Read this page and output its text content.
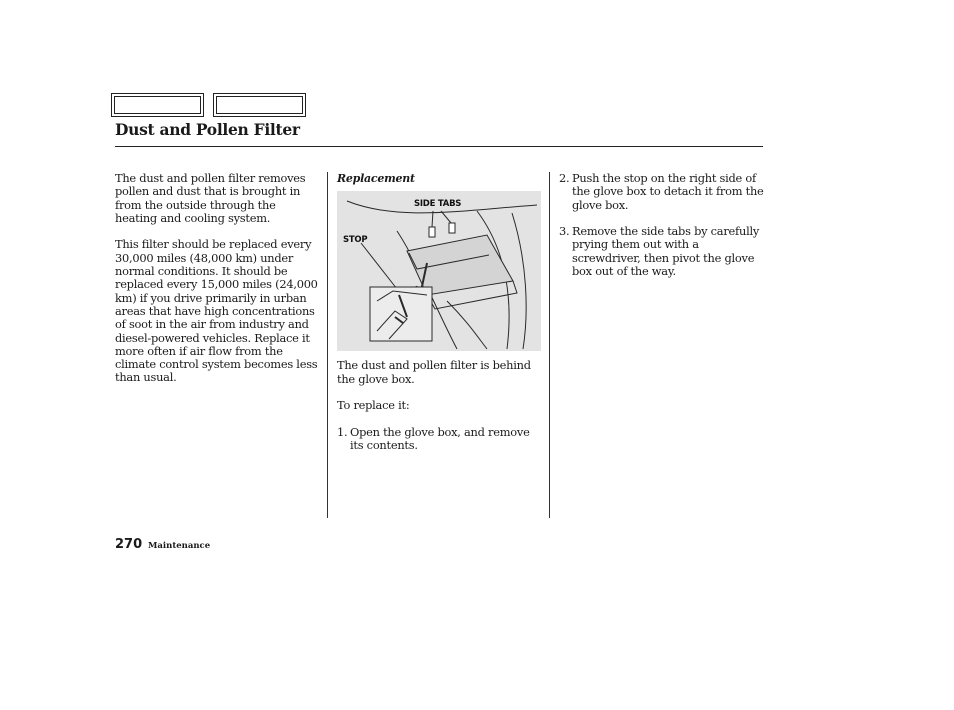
Dust and Pollen Filter

The dust and pollen filter removes pollen and dust that is brought in from the outside through the heating and cooling system.

This filter should be replaced every 30,000 miles (48,000 km) under normal conditions. It should be replaced every 15,000 miles (24,000 km) if you drive primarily in urban areas that have high concentrations of soot in the air from industry and diesel-powered vehicles. Replace it more often if air flow from the climate control system becomes less than usual.

Replacement
SIDE TABS
STOP

The dust and pollen filter is behind the glove box.

To replace it:

1. Open the glove box, and remove its contents.
2. Push the stop on the right side of the glove box to detach it from the glove box.
3. Remove the side tabs by carefully prying them out with a screwdriver, then pivot the glove box out of the way.
270 Maintenance
